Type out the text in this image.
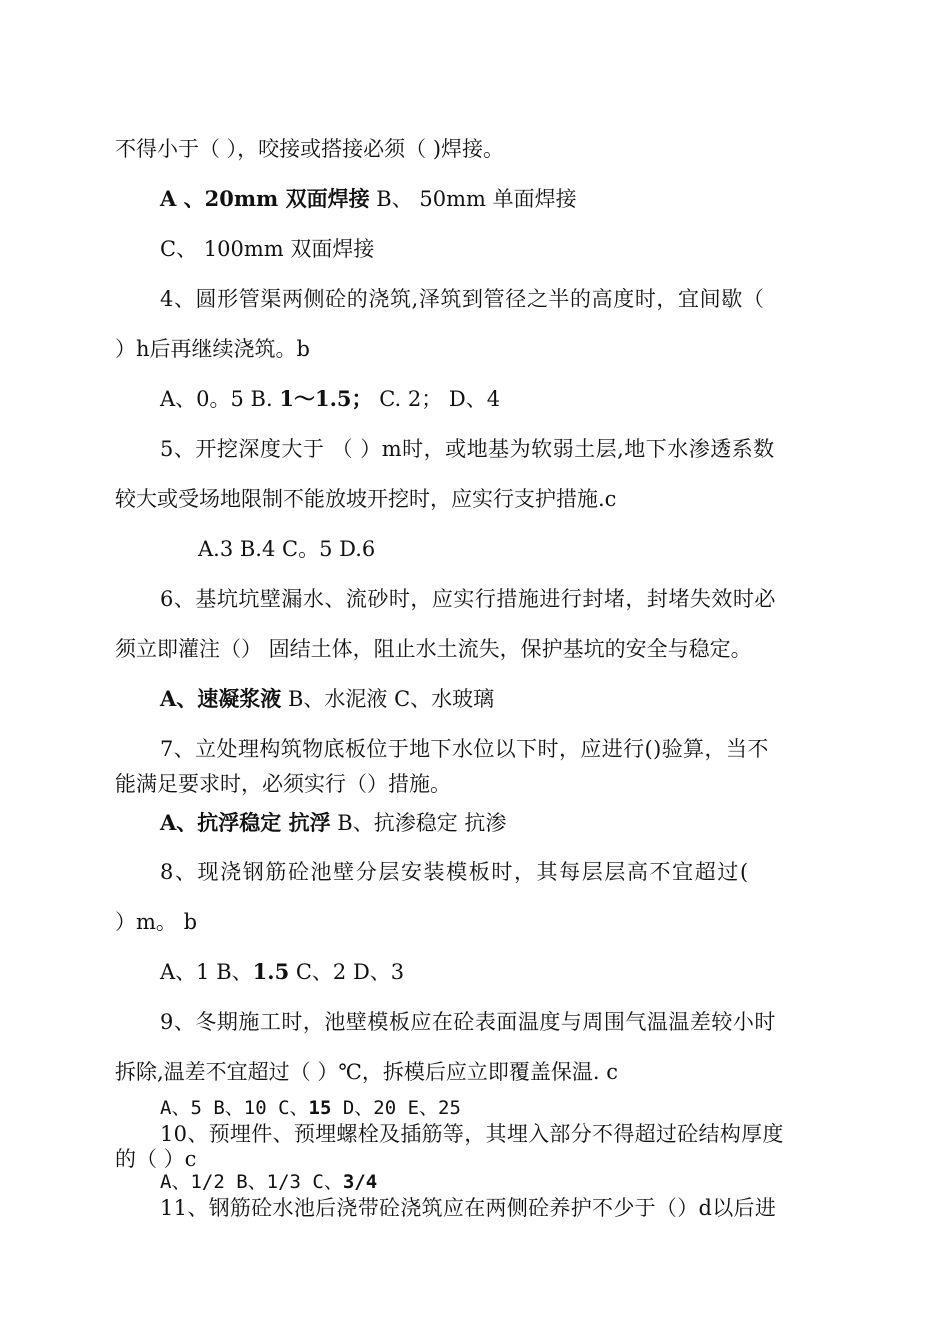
不得小于（ ），咬接或搭接必须（ )焊接。
A 、20mm 双面焊接 B、 50mm 单面焊接
C、 100mm 双面焊接
4、圆形管渠两侧砼的浇筑,泽筑到管径之半的高度时，宜间歇（
）h后再继续浇筑。b
A、0。5 B. 1～1.5； C. 2； D、4
5、开挖深度大于 （ ）m时，或地基为软弱土层,地下水渗透系数
较大或受场地限制不能放坡开挖时，应实行支护措施.c
A.3 B.4 C。5 D.6
6、基坑坑壁漏水、流砂时，应实行措施进行封堵，封堵失效时必
须立即灌注（） 固结土体，阻止水土流失，保护基坑的安全与稳定。
A、速凝浆液 B、水泥液 C、水玻璃
7、立处理构筑物底板位于地下水位以下时，应进行()验算，当不
能满足要求时，必须实行（）措施。
A、抗浮稳定 抗浮 B、抗渗稳定 抗渗
8、现浇钢筋砼池壁分层安装模板时，其每层层高不宜超过(
）m。 b
A、1 B、1.5 C、2 D、3
9、冬期施工时，池壁模板应在砼表面温度与周围气温温差较小时
拆除,温差不宜超过（ ）℃，拆模后应立即覆盖保温. c
A、5 B、10 C、15 D、20 E、25
10、预埋件、预埋螺栓及插筋等，其埋入部分不得超过砼结构厚度
的（ ）c
A、1/2 B、1/3 C、3/4
11、钢筋砼水池后浇带砼浇筑应在两侧砼养护不少于（）d以后进
